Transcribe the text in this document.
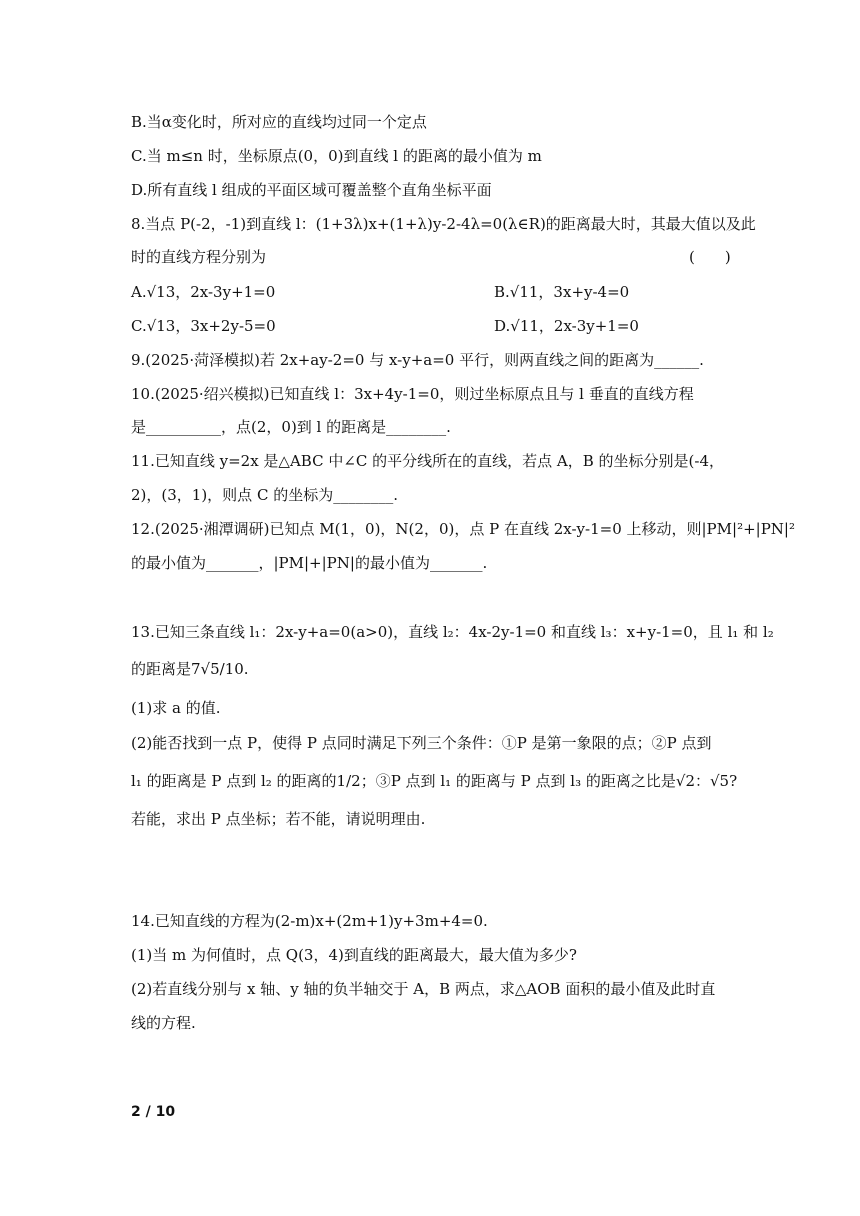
B.当α变化时，所对应的直线均过同一个定点
C.当 m≤n 时，坐标原点(0，0)到直线 l 的距离的最小值为 m
D.所有直线 l 组成的平面区域可覆盖整个直角坐标平面
8.当点 P(-2，-1)到直线 l：(1+3λ)x+(1+λ)y-2-4λ=0(λ∈R)的距离最大时，其最大值以及此
时的直线方程分别为	(　　)
A.√13，2x-3y+1=0	B.√11，3x+y-4=0
C.√13，3x+2y-5=0	D.√11，2x-3y+1=0
9.(2025·菏泽模拟)若 2x+ay-2=0 与 x-y+a=0 平行，则两直线之间的距离为______.
10.(2025·绍兴模拟)已知直线 l：3x+4y-1=0，则过坐标原点且与 l 垂直的直线方程
是__________，点(2，0)到 l 的距离是________.
11.已知直线 y=2x 是△ABC 中∠C 的平分线所在的直线，若点 A，B 的坐标分别是(-4，
2)，(3，1)，则点 C 的坐标为________.
12.(2025·湘潭调研)已知点 M(1，0)，N(2，0)，点 P 在直线 2x-y-1=0 上移动，则|PM|²+|PN|²
的最小值为_______，|PM|+|PN|的最小值为_______.
13.已知三条直线 l₁：2x-y+a=0(a>0)，直线 l₂：4x-2y-1=0 和直线 l₃：x+y-1=0，且 l₁ 和 l₂
的距离是7√5/10.
(1)求 a 的值.
(2)能否找到一点 P，使得 P 点同时满足下列三个条件：①P 是第一象限的点；②P 点到
l₁ 的距离是 P 点到 l₂ 的距离的1/2；③P 点到 l₁ 的距离与 P 点到 l₃ 的距离之比是√2：√5?
若能，求出 P 点坐标；若不能，请说明理由.
14.已知直线的方程为(2-m)x+(2m+1)y+3m+4=0.
(1)当 m 为何值时，点 Q(3，4)到直线的距离最大，最大值为多少?
(2)若直线分别与 x 轴、y 轴的负半轴交于 A，B 两点，求△AOB 面积的最小值及此时直
线的方程.
2 / 10
